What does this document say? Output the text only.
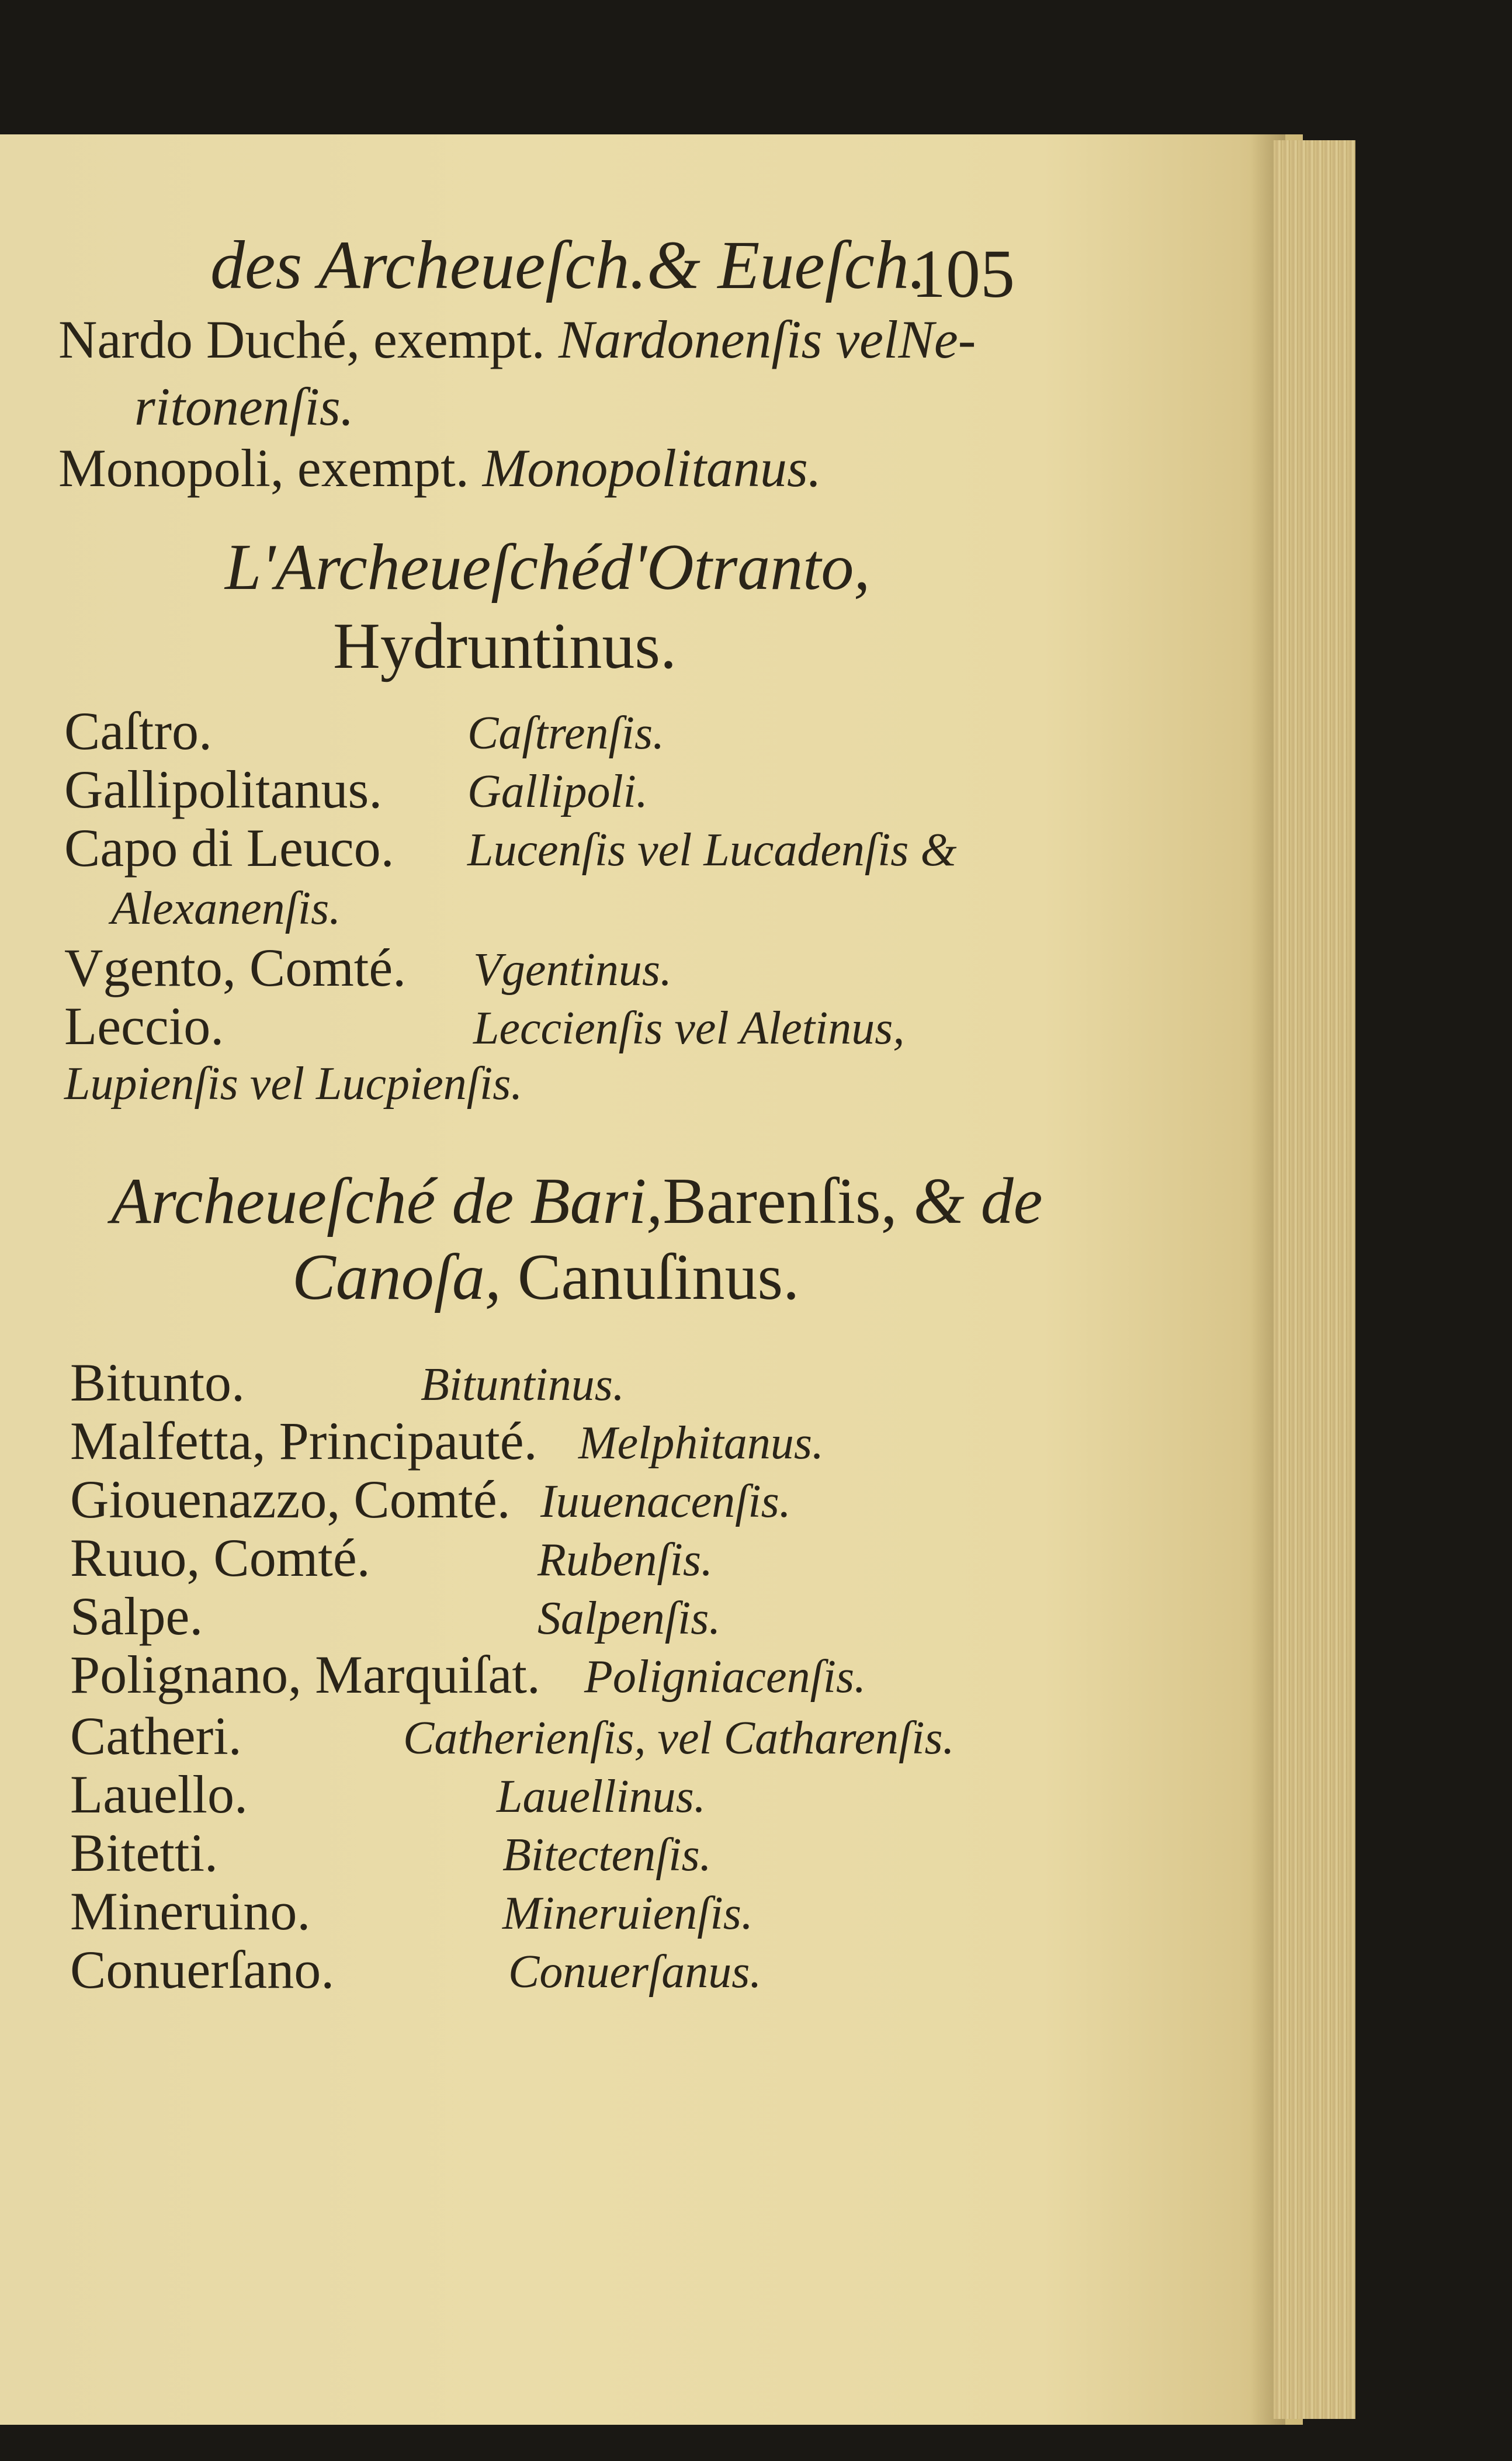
des Archeueſch.& Eueſch.
105
Nardo Duché, exempt. Nardonenſis velNe-
ritonenſis.
Monopoli, exempt. Monopolitanus.
L'Archeueſchéd'Otranto,
Hydruntinus.
Caſtro.	Caſtrenſis.
Gallipolitanus. Gallipoli.
Capo di Leuco. Lucenſis vel Lucadenſis &
Alexanenſis.
Vgento, Comté. Vgentinus.
Leccio.	Leccienſis vel Aletinus,
Lupienſis vel Lucpienſis.
Archeueſché de Bari,Barenſis, & de
Canoſa, Canuſinus.
Bitunto.	Bituntinus.
Malfetta, Principauté. Melphitanus.
Giouenazzo, Comté. Iuuenacenſis.
Ruuo, Comté.	Rubenſis.
Salpe.	Salpenſis.
Polignano, Marquiſat. Poligniacenſis.
Catheri.	Catherienſis, vel Catharenſis.
Lauello.	Lauellinus.
Bitetti.	Bitectenſis.
Mineruino.	Mineruienſis.
Conuerſano.	Conuerſanus.
